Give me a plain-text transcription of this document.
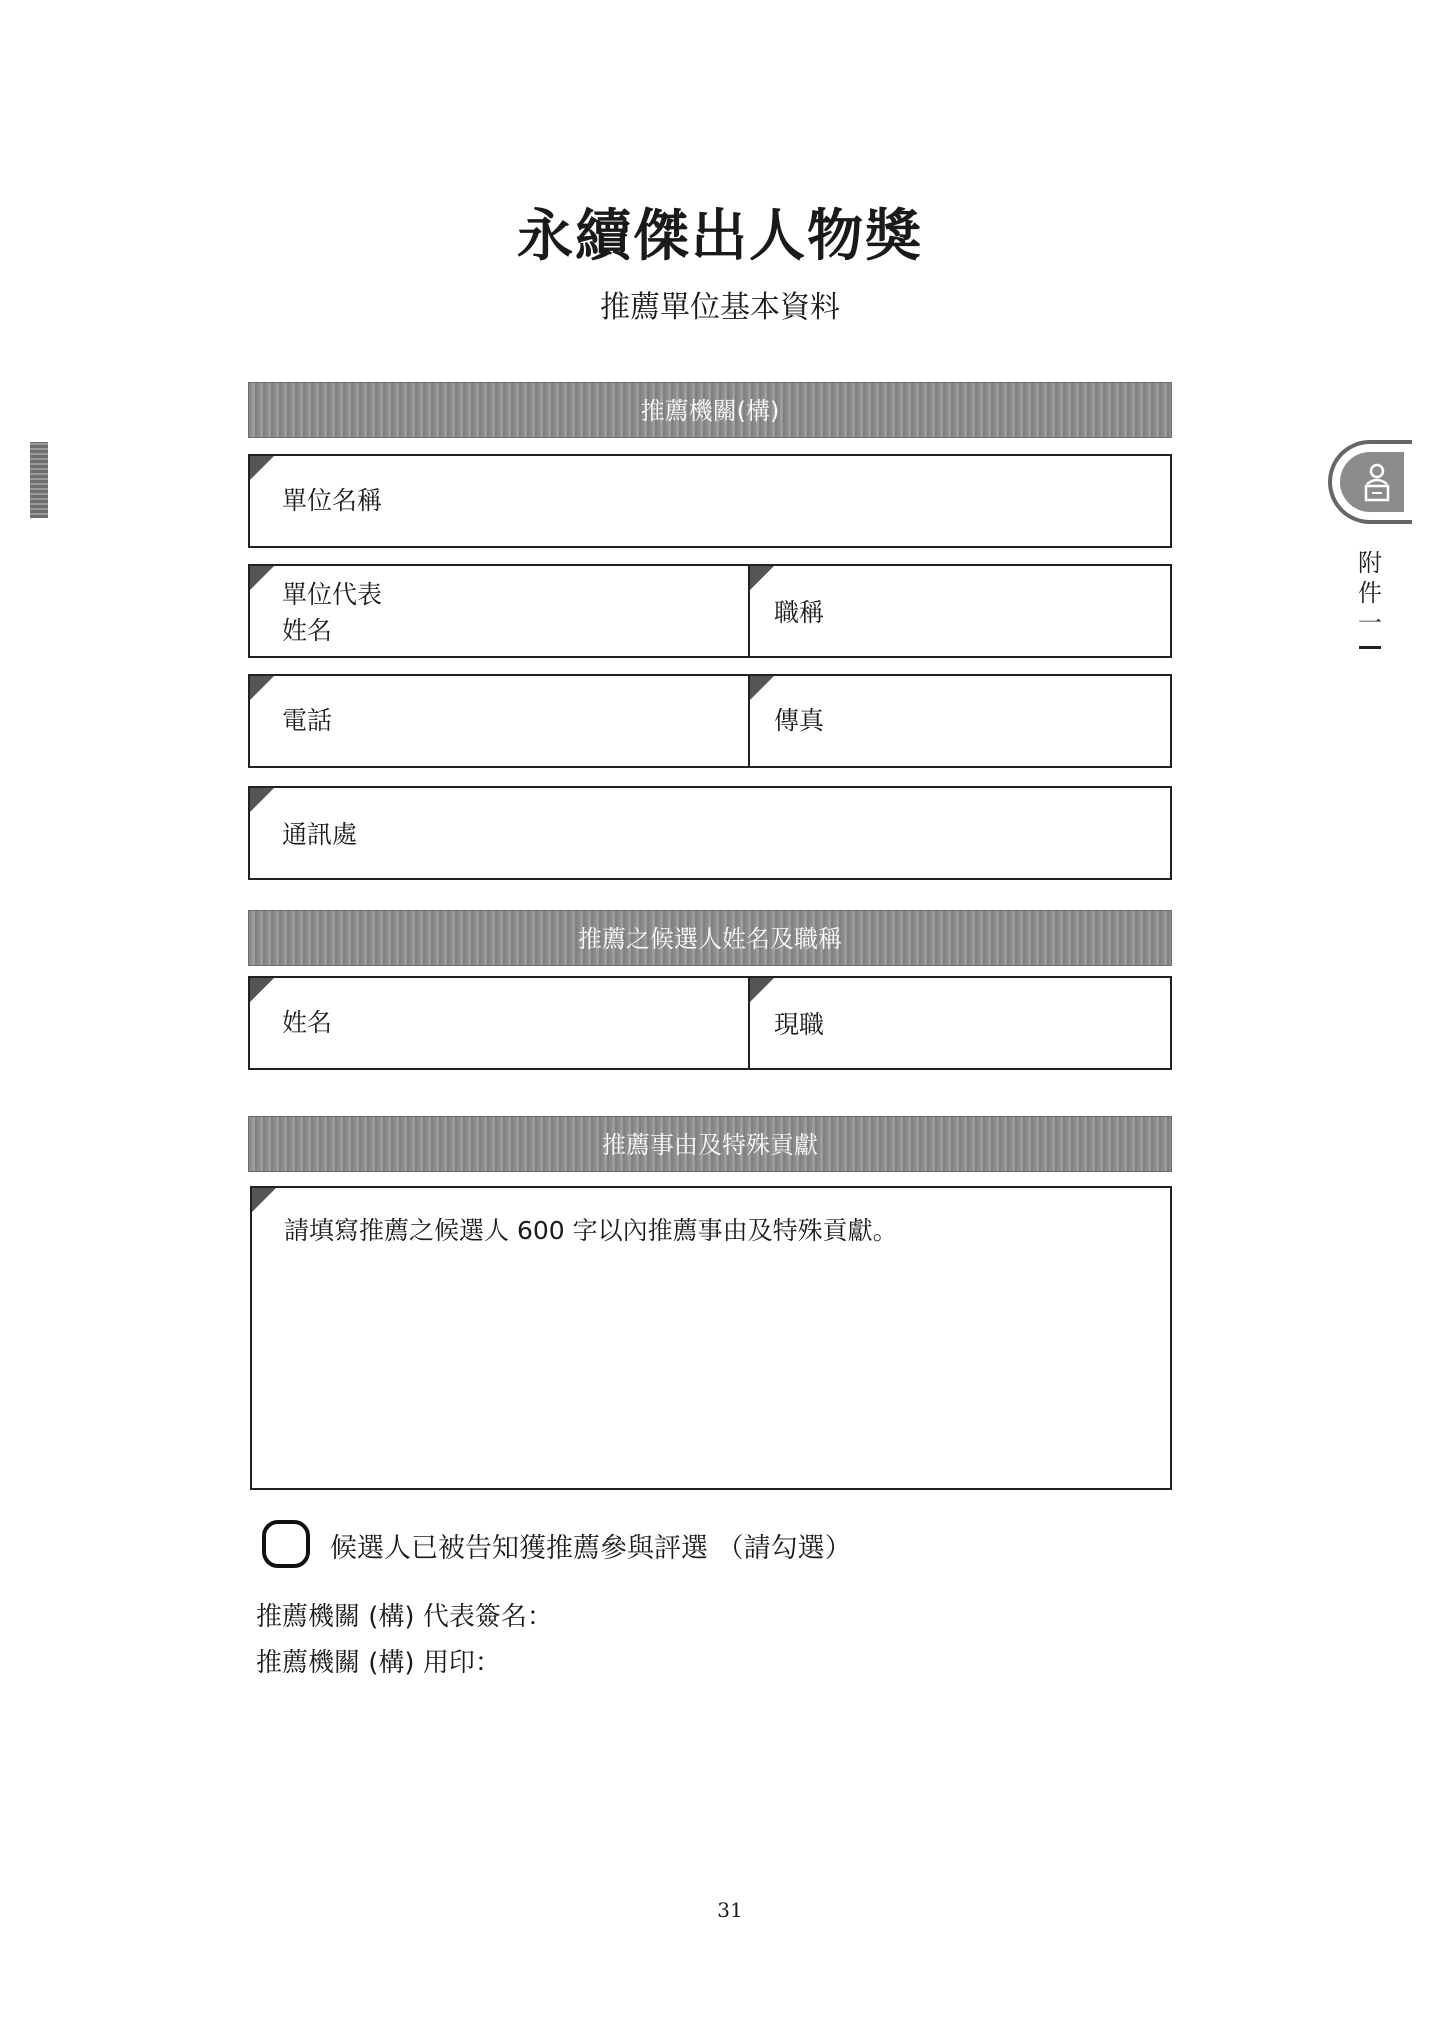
永續傑出人物獎
推薦單位基本資料
附
件
一
推薦機關(構)
單位名稱
單位代表
姓名
職稱
電話	傳真
通訊處
推薦之候選人姓名及職稱
姓名	現職
推薦事由及特殊貢獻
請填寫推薦之候選人 600 字以內推薦事由及特殊貢獻。
候選人已被告知獲推薦參與評選 （請勾選）
推薦機關 (構) 代表簽名：
推薦機關 (構) 用印：
31
